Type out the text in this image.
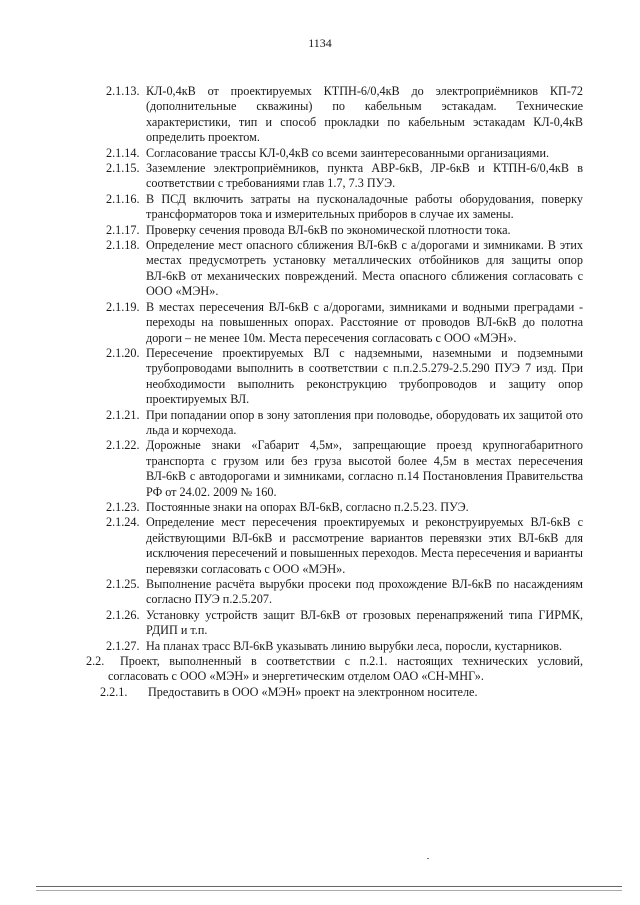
1134
2.1.13. КЛ-0,4кВ от проектируемых КТПН-6/0,4кВ до электроприёмников КП-72 (дополнительные скважины) по кабельным эстакадам. Технические характеристики, тип и способ прокладки по кабельным эстакадам КЛ-0,4кВ определить проектом.
2.1.14. Согласование трассы КЛ-0,4кВ со всеми заинтересованными организациями.
2.1.15. Заземление электроприёмников, пункта АВР-6кВ, ЛР-6кВ и КТПН-6/0,4кВ в соответствии с требованиями глав 1.7, 7.3 ПУЭ.
2.1.16. В ПСД включить затраты на пусконаладочные работы оборудования, поверку трансформаторов тока и измерительных приборов в случае их замены.
2.1.17. Проверку сечения провода ВЛ-6кВ по экономической плотности тока.
2.1.18. Определение мест опасного сближения ВЛ-6кВ с а/дорогами и зимниками. В этих местах предусмотреть установку металлических отбойников для защиты опор ВЛ-6кВ от механических повреждений. Места опасного сближения согласовать с ООО «МЭН».
2.1.19. В местах пересечения ВЛ-6кВ с а/дорогами, зимниками и водными преградами - переходы на повышенных опорах. Расстояние от проводов ВЛ-6кВ до полотна дороги – не менее 10м. Места пересечения согласовать с ООО «МЭН».
2.1.20. Пересечение проектируемых ВЛ с надземными, наземными и подземными трубопроводами выполнить в соответствии с п.п.2.5.279-2.5.290 ПУЭ 7 изд. При необходимости выполнить реконструкцию трубопроводов и защиту опор проектируемых ВЛ.
2.1.21. При попадании опор в зону затопления при половодье, оборудовать их защитой ото льда и корчехода.
2.1.22. Дорожные знаки «Габарит 4,5м», запрещающие проезд крупногабаритного транспорта с грузом или без груза высотой более 4,5м в местах пересечения ВЛ-6кВ с автодорогами и зимниками, согласно п.14 Постановления Правительства РФ от 24.02. 2009 № 160.
2.1.23. Постоянные знаки на опорах ВЛ-6кВ, согласно п.2.5.23. ПУЭ.
2.1.24. Определение мест пересечения проектируемых и реконструируемых ВЛ-6кВ с действующими ВЛ-6кВ и рассмотрение вариантов перевязки этих ВЛ-6кВ для исключения пересечений и повышенных переходов. Места пересечения и варианты перевязки согласовать с ООО «МЭН».
2.1.25. Выполнение расчёта вырубки просеки под прохождение ВЛ-6кВ по насаждениям согласно ПУЭ п.2.5.207.
2.1.26. Установку устройств защит ВЛ-6кВ от грозовых перенапряжений типа ГИРМК, РДИП и т.п.
2.1.27. На планах трасс ВЛ-6кВ указывать линию вырубки леса, поросли, кустарников.
2.2.	Проект, выполненный в соответствии с п.2.1. настоящих технических условий, согласовать с ООО «МЭН» и энергетическим отделом ОАО «СН-МНГ».
2.2.1. Предоставить в ООО «МЭН» проект на электронном носителе.
